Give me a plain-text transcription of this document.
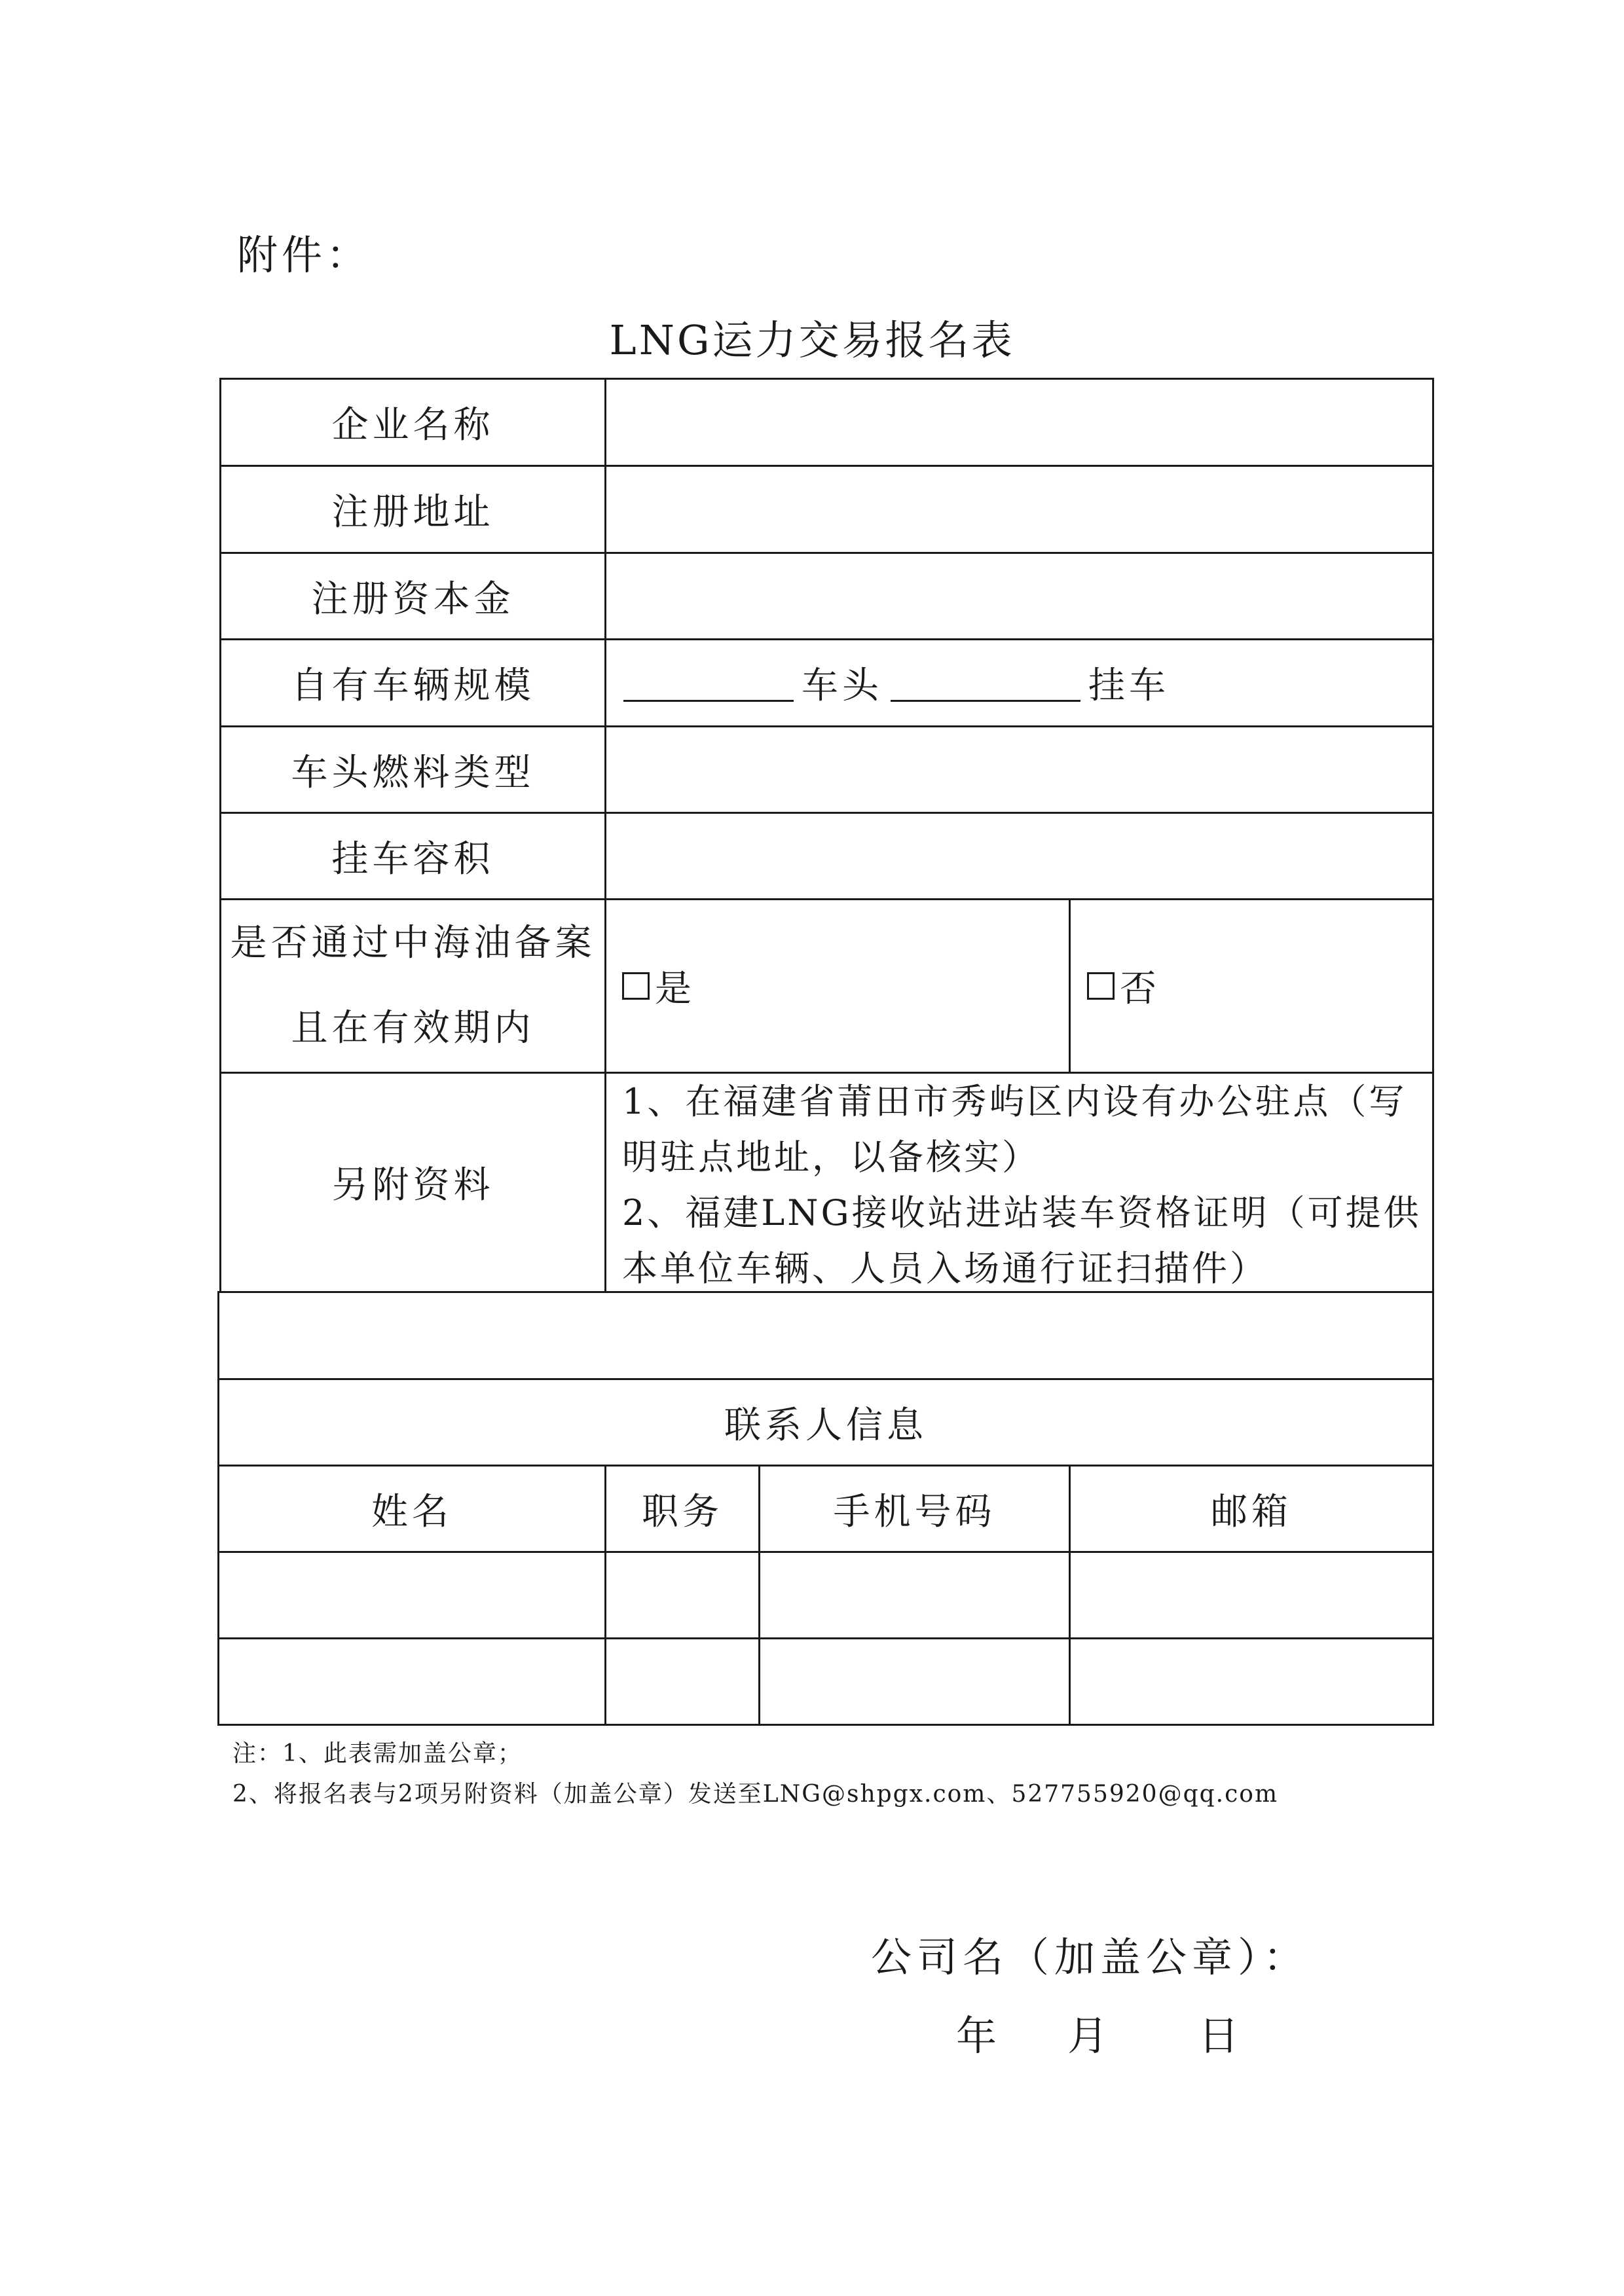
附件：
LNG运力交易报名表
企业名称
注册地址
注册资本金
自有车辆规模	车头	挂车
车头燃料类型
挂车容积
是否通过中海油备案
且在有效期内
是	否
另附资料

1、在福建省莆田市秀屿区内设有办公驻点（写

明驻点地址，以备核实）

2、福建LNG接收站进站装车资格证明（可提供

本单位车辆、人员入场通行证扫描件）

联系人信息
姓名	职务	手机号码	邮箱
注：1、此表需加盖公章；
2、将报名表与2项另附资料（加盖公章）发送至LNG@shpgx.com、527755920@qq.com
公司名（加盖公章）：
年 月 日
